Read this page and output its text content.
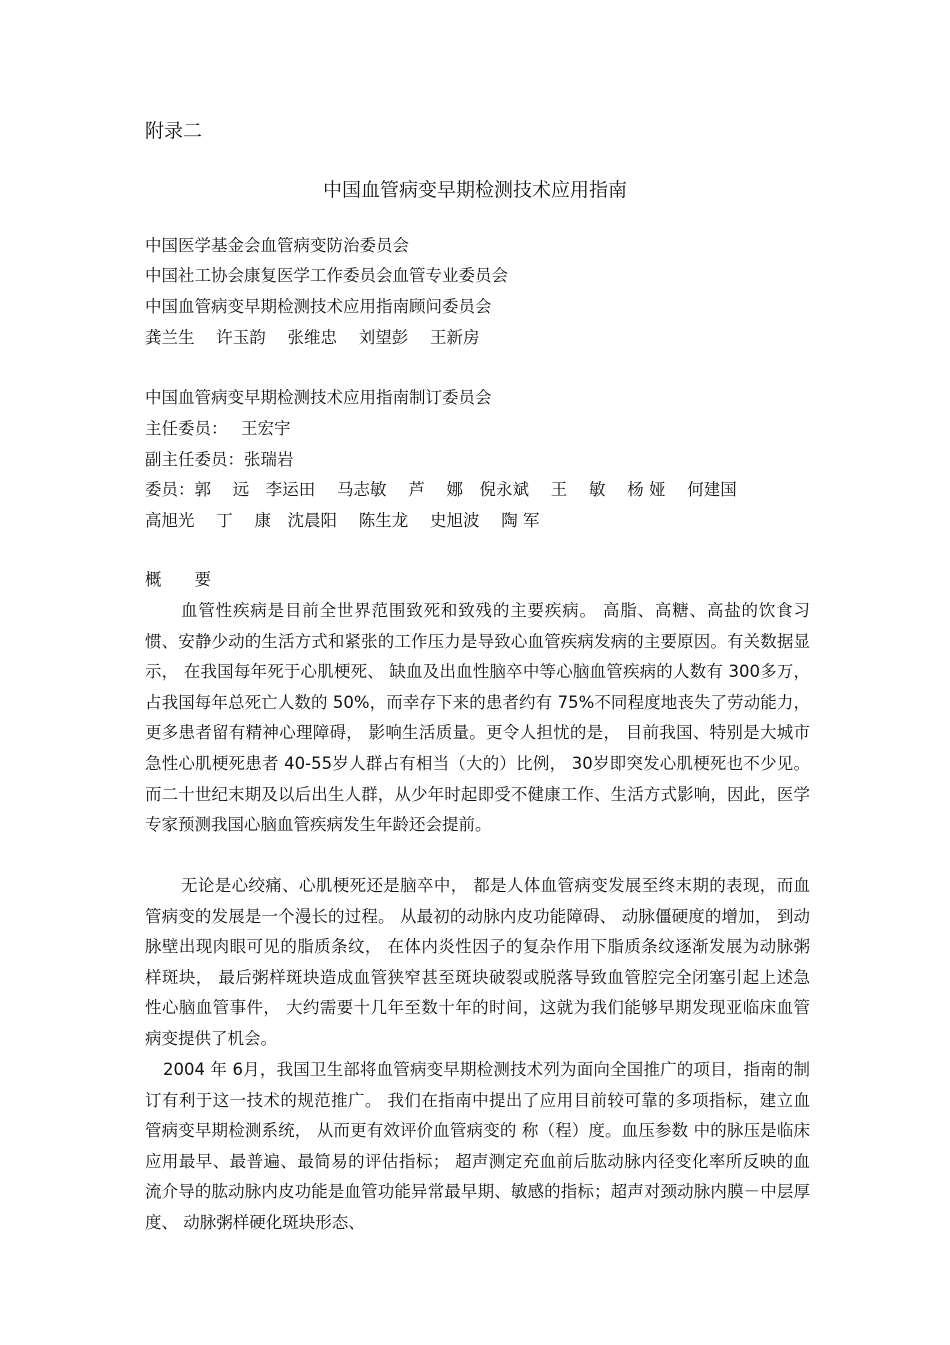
附录二
中国血管病变早期检测技术应用指南
中国医学基金会血管病变防治委员会
中国社工协会康复医学工作委员会血管专业委员会
中国血管病变早期检测技术应用指南顾问委员会
龚兰生　 许玉韵　 张维忠　 刘望彭　 王新房
中国血管病变早期检测技术应用指南制订委员会
主任委员：　 王宏宇
副主任委员：张瑞岩
委员：郭　 远　李运田　 马志敏　 芦　 娜　倪永斌　 王　 敏　 杨 娅　 何建国
高旭光　 丁　 康　沈晨阳　 陈生龙　 史旭波　 陶 军
概　　要
血管性疾病是目前全世界范围致死和致残的主要疾病。 高脂、高糖、高盐的饮食习惯、安静少动的生活方式和紧张的工作压力是导致心血管疾病发病的主要原因。有关数据显示， 在我国每年死于心肌梗死、 缺血及出血性脑卒中等心脑血管疾病的人数有 300多万，占我国每年总死亡人数的 50%，而幸存下来的患者约有 75%不同程度地丧失了劳动能力， 更多患者留有精神心理障碍， 影响生活质量。更令人担忧的是， 目前我国、特别是大城市急性心肌梗死患者 40-55岁人群占有相当（大的）比例， 30岁即突发心肌梗死也不少见。而二十世纪末期及以后出生人群，从少年时起即受不健康工作、生活方式影响，因此，医学专家预测我国心脑血管疾病发生年龄还会提前。
无论是心绞痛、心肌梗死还是脑卒中， 都是人体血管病变发展至终末期的表现，而血管病变的发展是一个漫长的过程。 从最初的动脉内皮功能障碍、 动脉僵硬度的增加， 到动脉壁出现肉眼可见的脂质条纹， 在体内炎性因子的复杂作用下脂质条纹逐渐发展为动脉粥样斑块， 最后粥样斑块造成血管狭窄甚至斑块破裂或脱落导致血管腔完全闭塞引起上述急性心脑血管事件， 大约需要十几年至数十年的时间，这就为我们能够早期发现亚临床血管病变提供了机会。
2004 年 6月，我国卫生部将血管病变早期检测技术列为面向全国推广的项目，指南的制订有利于这一技术的规范推广。 我们在指南中提出了应用目前较可靠的多项指标，建立血管病变早期检测系统， 从而更有效评价血管病变的 称（程）度。血压参数 中的脉压是临床应用最早、最普遍、最简易的评估指标； 超声测定充血前后肱动脉内径变化率所反映的血流介导的肱动脉内皮功能是血管功能异常最早期、敏感的指标；超声对颈动脉内膜－中层厚度、 动脉粥样硬化斑块形态、
